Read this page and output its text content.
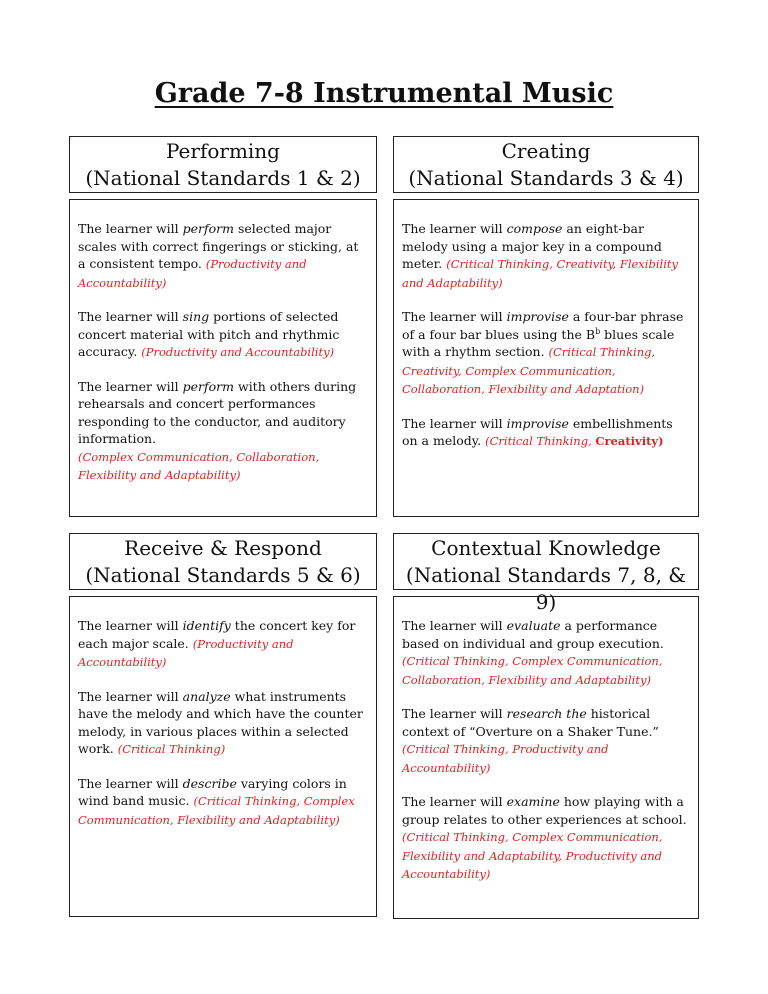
Grade 7-8 Instrumental Music
Performing
(National Standards 1 & 2)

The learner will perform selected major scales with correct fingerings or sticking, at a consistent tempo. (Productivity and Accountability)

The learner will sing portions of selected concert material with pitch and rhythmic accuracy. (Productivity and Accountability)

The learner will perform with others during rehearsals and concert performances responding to the conductor, and auditory information.
(Complex Communication, Collaboration, Flexibility and Adaptability)

Creating
(National Standards 3 & 4)

The learner will compose an eight-bar melody using a major key in a compound meter. (Critical Thinking, Creativity, Flexibility and Adaptability)

The learner will improvise a four-bar phrase of a four bar blues using the $B^b$ blues scale with a rhythm section. (Critical Thinking, Creativity, Complex Communication, Collaboration, Flexibility and Adaptation)

The learner will improvise embellishments on a melody. (Critical Thinking, Creativity)

Receive & Respond
(National Standards 5 & 6)

The learner will identify the concert key for each major scale. (Productivity and Accountability)

The learner will analyze what instruments have the melody and which have the counter melody, in various places within a selected work. (Critical Thinking)

The learner will describe varying colors in wind band music. (Critical Thinking, Complex Communication, Flexibility and Adaptability)

Contextual Knowledge
(National Standards 7, 8, & 9)

The learner will evaluate a performance based on individual and group execution.
(Critical Thinking, Complex Communication, Collaboration, Flexibility and Adaptability)

The learner will research the historical context of “Overture on a Shaker Tune.”
(Critical Thinking, Productivity and Accountability)

The learner will examine how playing with a group relates to other experiences at school.
(Critical Thinking, Complex Communication, Flexibility and Adaptability, Productivity and Accountability)
